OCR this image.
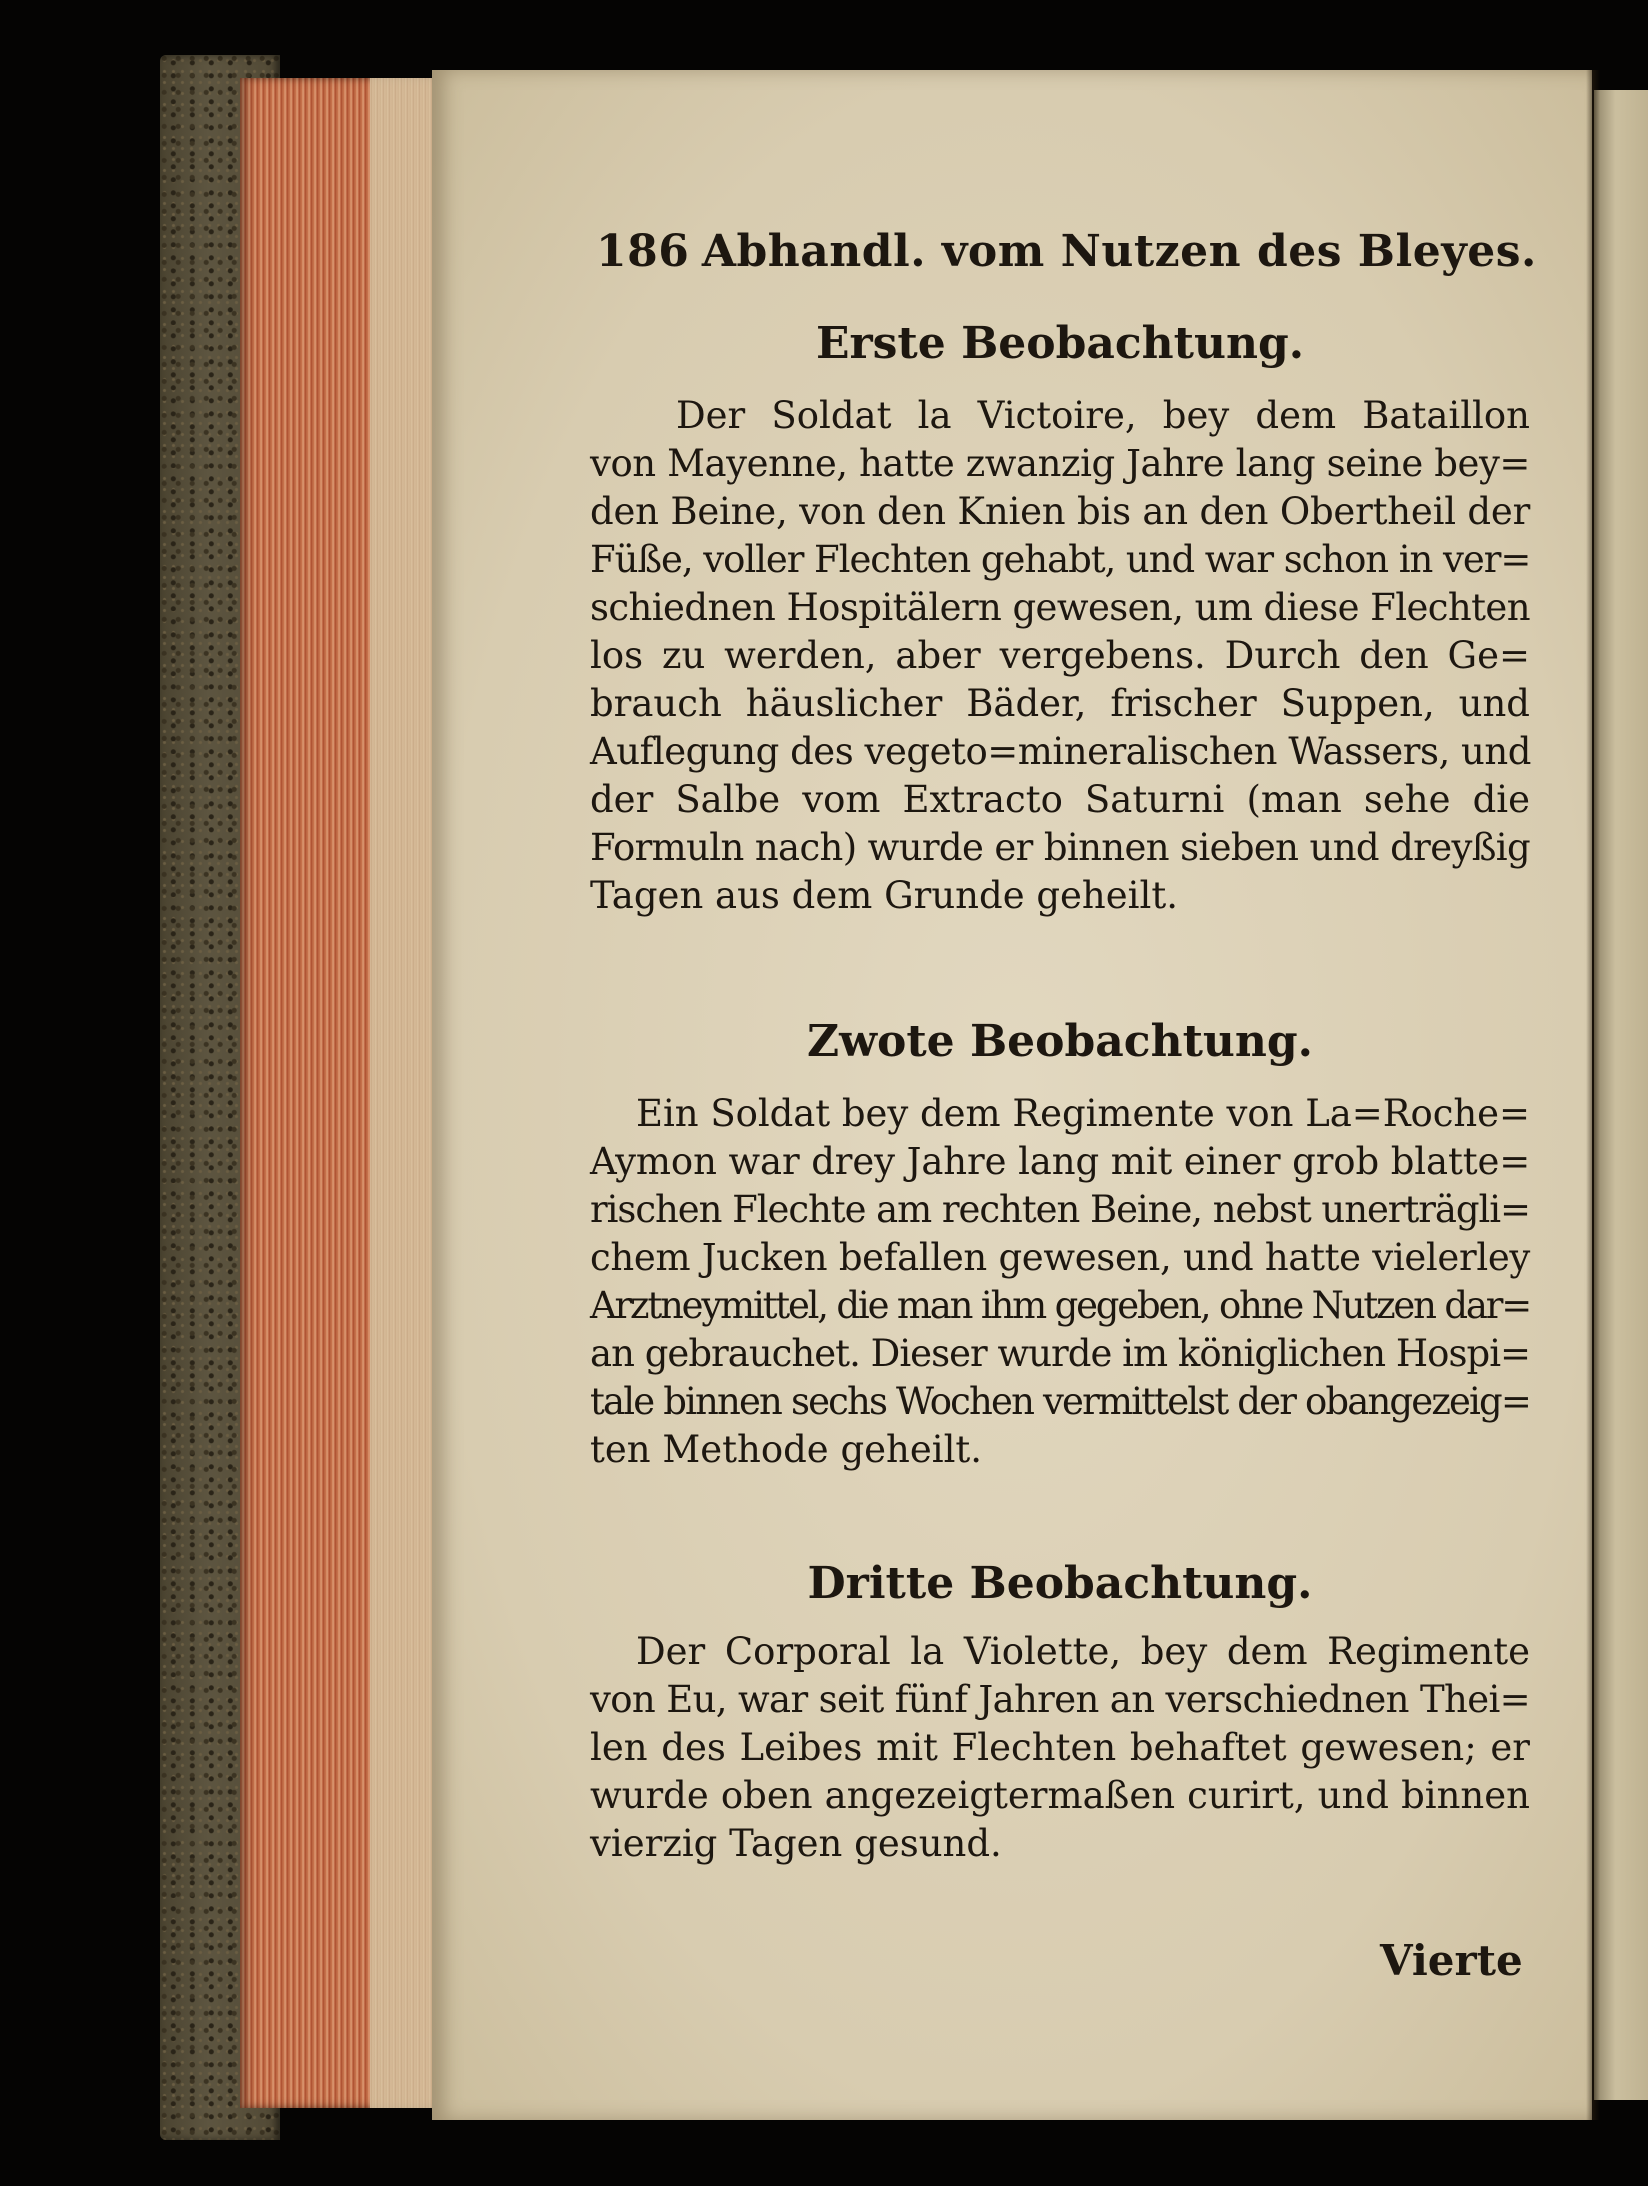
186 Abhandl. vom Nutzen des Bleyes.
Erste Beobachtung.
Der Soldat la Victoire, bey dem Bataillon
von Mayenne, hatte zwanzig Jahre lang seine bey=
den Beine, von den Knien bis an den Obertheil der
Füße, voller Flechten gehabt, und war schon in ver=
schiednen Hospitälern gewesen, um diese Flechten
los zu werden, aber vergebens. Durch den Ge=
brauch häuslicher Bäder, frischer Suppen, und
Auflegung des vegeto=mineralischen Wassers, und
der Salbe vom Extracto Saturni (man sehe die
Formuln nach) wurde er binnen sieben und dreyßig
Tagen aus dem Grunde geheilt.
Zwote Beobachtung.
Ein Soldat bey dem Regimente von La=Roche=
Aymon war drey Jahre lang mit einer grob blatte=
rischen Flechte am rechten Beine, nebst unerträgli=
chem Jucken befallen gewesen, und hatte vielerley
Arztneymittel, die man ihm gegeben, ohne Nutzen dar=
an gebrauchet. Dieser wurde im königlichen Hospi=
tale binnen sechs Wochen vermittelst der obangezeig=
ten Methode geheilt.
Dritte Beobachtung.
Der Corporal la Violette, bey dem Regimente
von Eu, war seit fünf Jahren an verschiednen Thei=
len des Leibes mit Flechten behaftet gewesen; er
wurde oben angezeigtermaßen curirt, und binnen
vierzig Tagen gesund.
Vierte
